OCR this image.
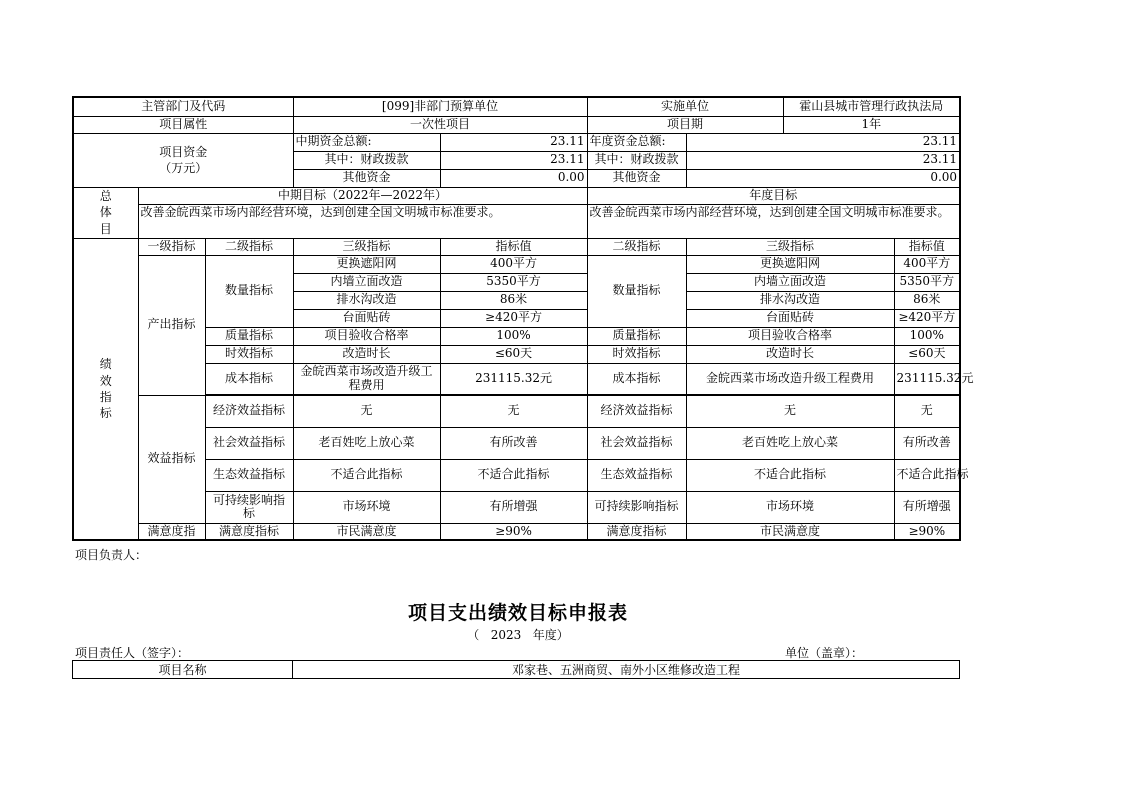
主管部门及代码			[099]非部门预算单位		实施单位		霍山县城市管理行政执法局	
项目属性			一次性项目		项目期		1年	
项目资金
（万元）			中期资金总额:	23.11	年度资金总额:	23.11		
			其中：财政拨款	23.11	其中：财政拨款	23.11		
			其他资金	0.00	其他资金	0.00		
总
体
目	中期目标（2022年—2022年）				年度目标			
	改善金皖西菜市场内部经营环境，达到创建全国文明城市标准要求。				改善金皖西菜市场内部经营环境，达到创建全国文明城市标准要求。			

绩
效
指
标	一级指标	二级指标	三级指标	指标值	二级指标	三级指标		指标值
	产出指标	数量指标	更换遮阳网	400平方	数量指标	更换遮阳网		400平方
			内墙立面改造	5350平方		内墙立面改造		5350平方
			排水沟改造	86米		排水沟改造		86米
			台面贴砖	≥420平方		台面贴砖		≥420平方
		质量指标	项目验收合格率	100%	质量指标	项目验收合格率		100%
		时效指标	改造时长	≤60天	时效指标	改造时长		≤60天
		成本指标	金皖西菜市场改造升级工程费用	231115.32元	成本指标	金皖西菜市场改造升级工程费用		231115.32元

	效益指标	经济效益指标	无	无	经济效益指标	无		无
		社会效益指标	老百姓吃上放心菜	有所改善	社会效益指标	老百姓吃上放心菜		有所改善
		生态效益指标	不适合此指标	不适合此指标	生态效益指标	不适合此指标		不适合此指标
		可持续影响指标	市场环境	有所增强	可持续影响指标	市场环境		有所增强
	满意度指	满意度指标	市民满意度	≥90%	满意度指标	市民满意度		≥90%
项目负责人：
项目支出绩效目标申报表
（   2023   年度）
项目责任人（签字）：	单位（盖章）：
项目名称	邓家巷、五洲商贸、南外小区维修改造工程
